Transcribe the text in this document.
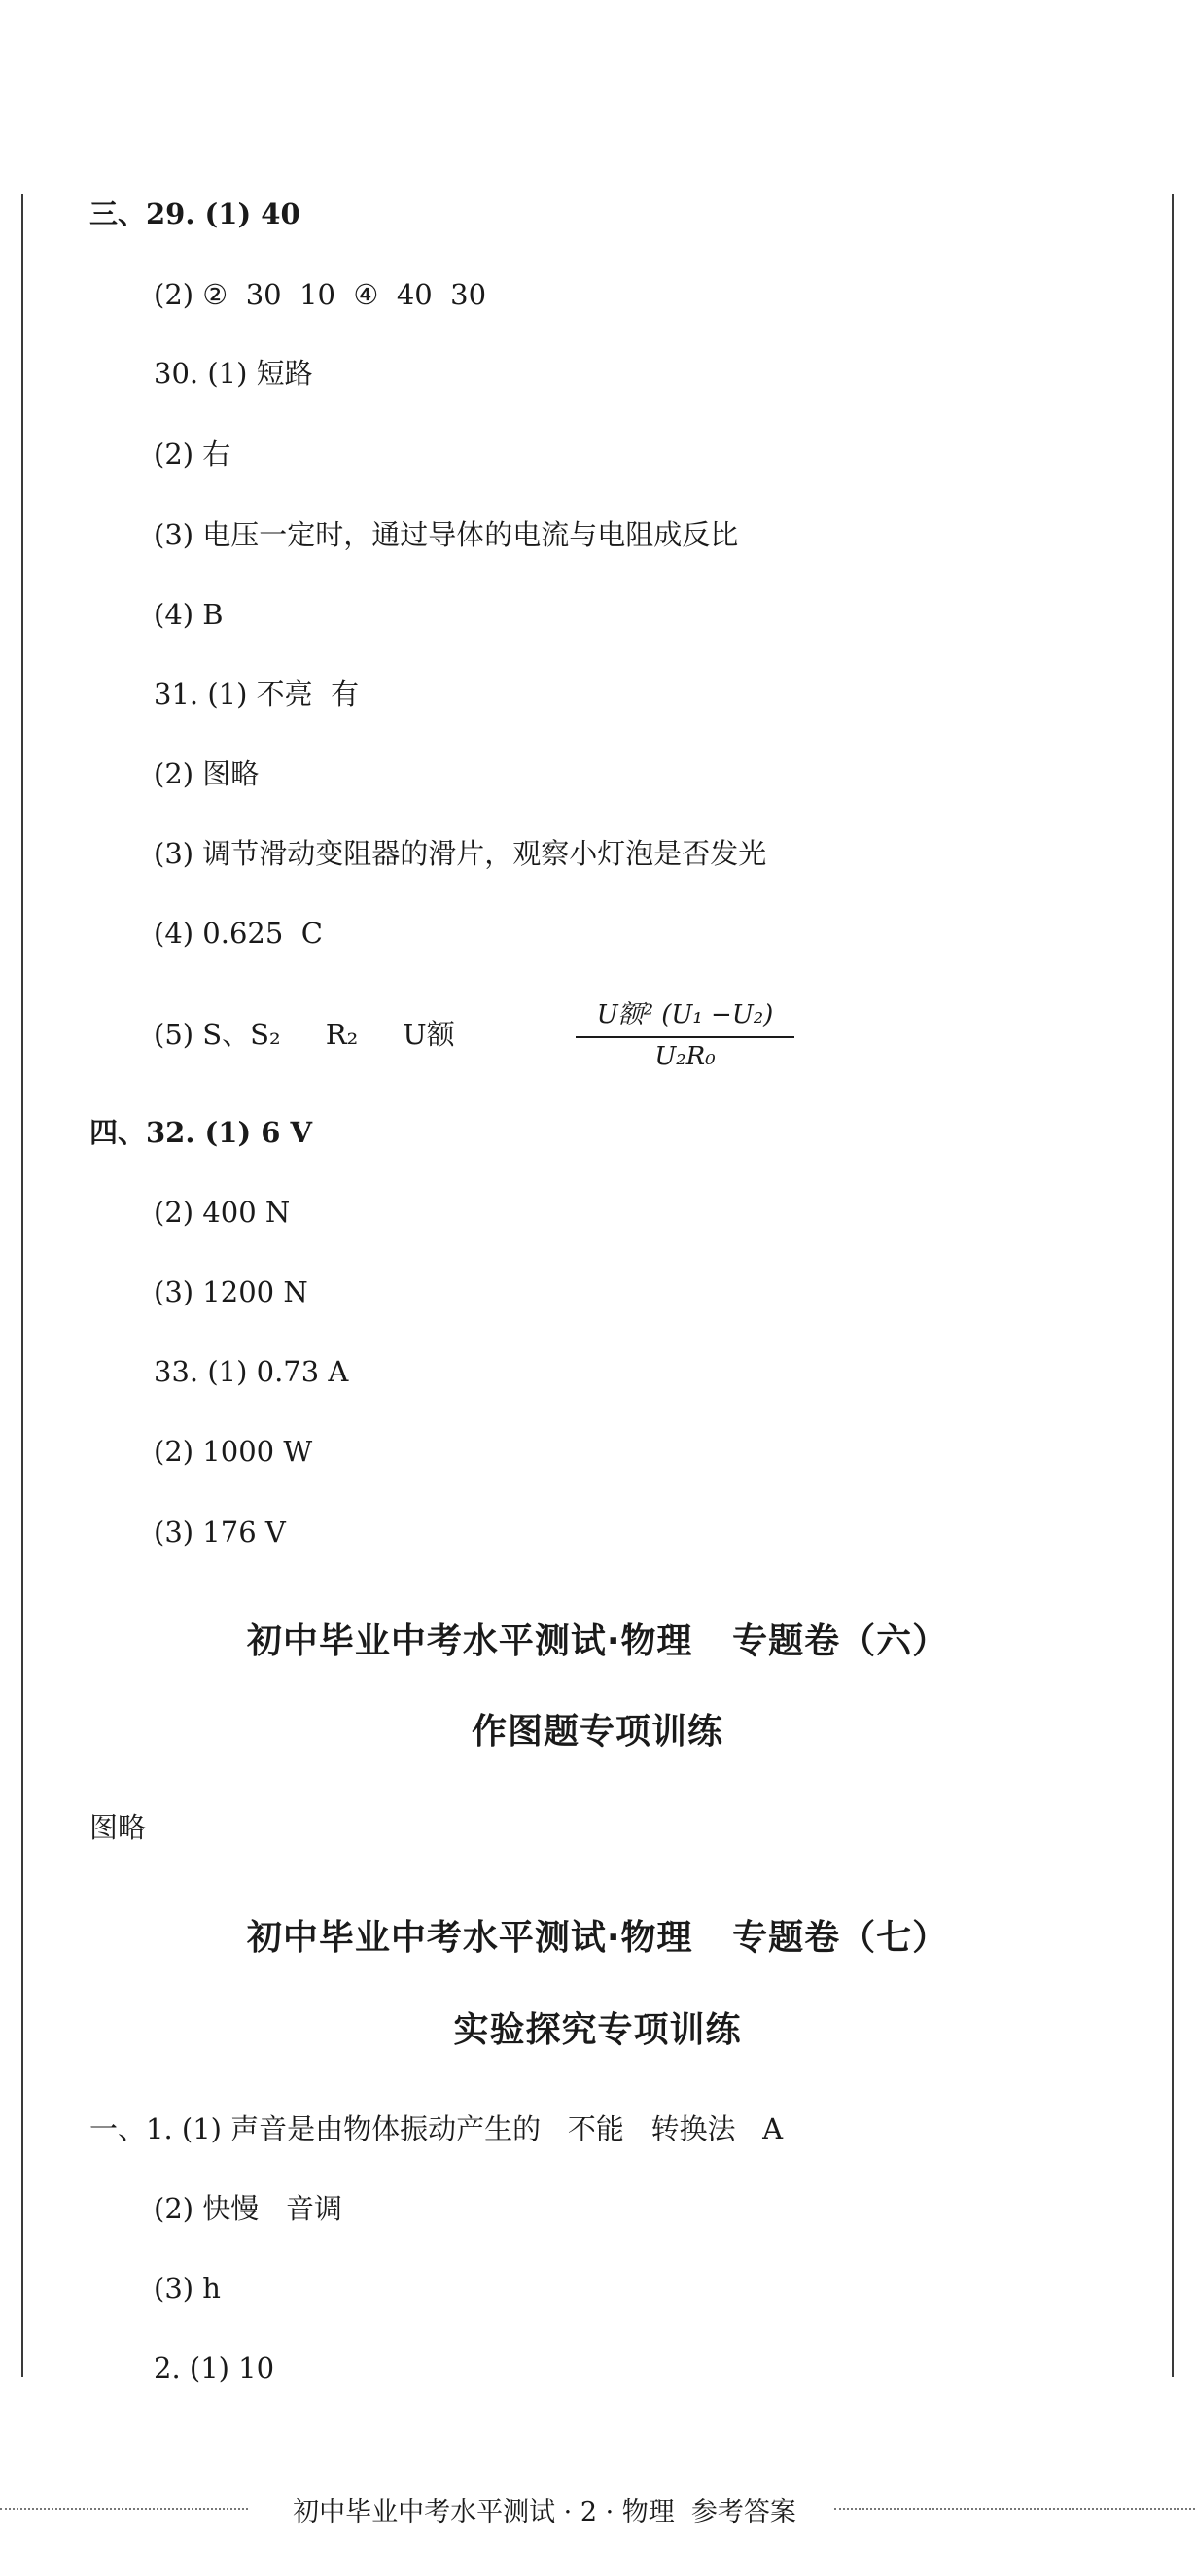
三、29. (1) 40
(2) ②  30  10  ④  40  30
30. (1) 短路
(2) 右
(3) 电压一定时，通过导体的电流与电阻成反比
(4) B
31. (1) 不亮  有
(2) 图略
(3) 调节滑动变阻器的滑片，观察小灯泡是否发光
(4) 0.625  C
(5) S、S₂     R₂     U额
U额² (U₁ −U₂)
U₂R₀
四、32. (1) 6 V
(2) 400 N
(3) 1200 N
33. (1) 0.73 A
(2) 1000 W
(3) 176 V
初中毕业中考水平测试·物理   专题卷（六）
作图题专项训练
图略
初中毕业中考水平测试·物理   专题卷（七）
实验探究专项训练
一、1. (1) 声音是由物体振动产生的   不能   转换法   A
(2) 快慢   音调
(3) h
2. (1) 10
初中毕业中考水平测试 · 2 · 物理  参考答案
